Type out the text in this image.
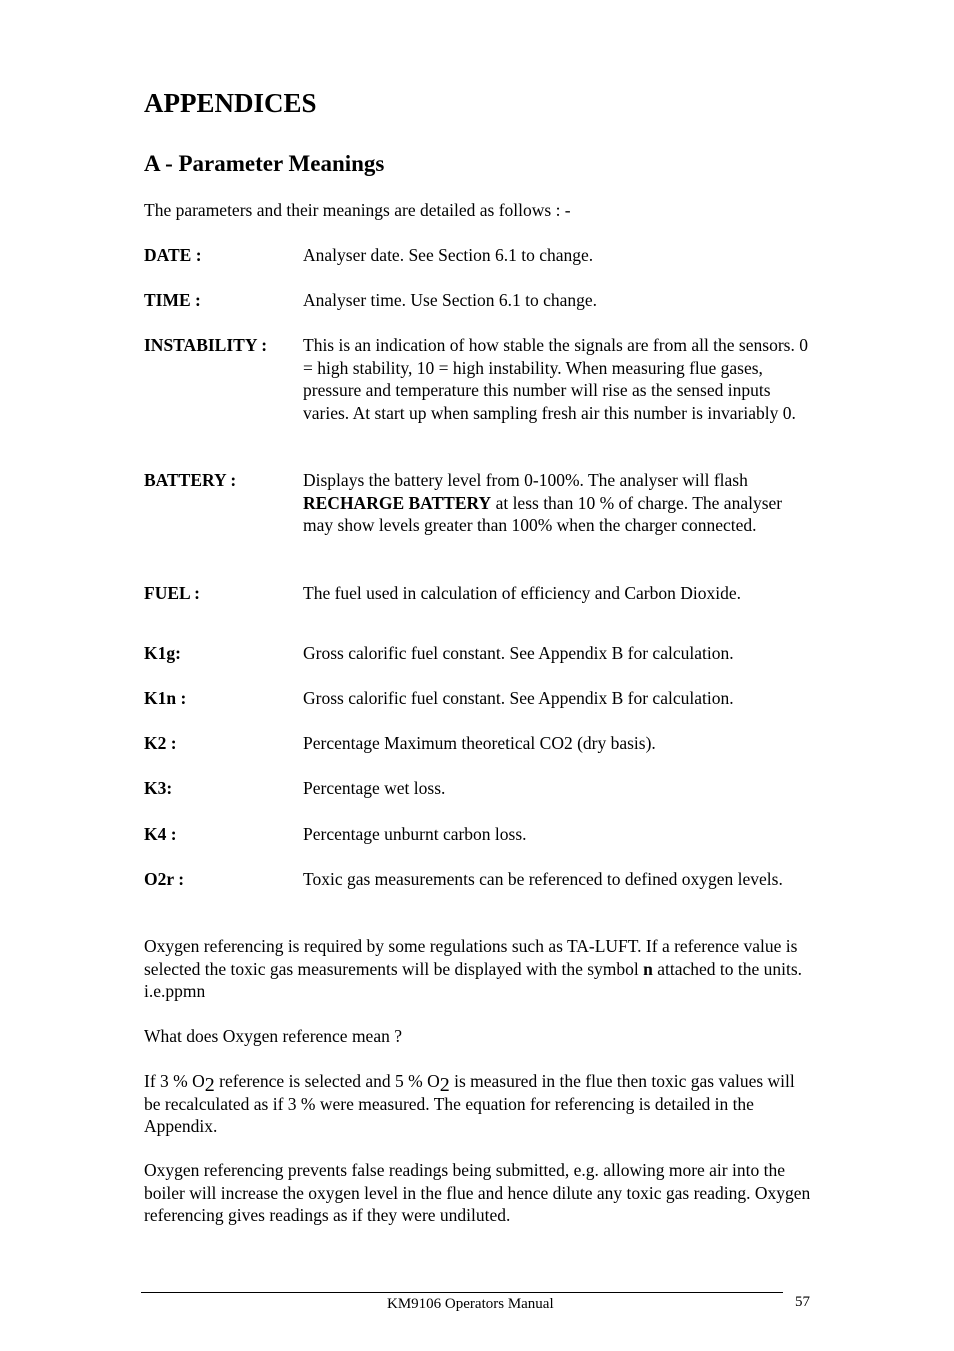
APPENDICES
A - Parameter Meanings

The parameters and their meanings are detailed as follows : -

DATE :	Analyser date. See Section 6.1 to change.
TIME :	Analyser time. Use Section 6.1 to change.
INSTABILITY : This is an indication of how stable the signals are from all the sensors. 0 = high stability, 10 = high instability. When measuring flue gases, pressure and temperature this number will rise as the sensed inputs varies. At start up when sampling fresh air this number is invariably 0.
BATTERY :	Displays the battery level from 0-100%. The analyser will flash RECHARGE BATTERY at less than 10 % of charge. The analyser may show levels greater than 100% when the charger connected.
FUEL :	The fuel used in calculation of efficiency and Carbon Dioxide.
K1g:	Gross calorific fuel constant. See Appendix B for calculation.
K1n :	Gross calorific fuel constant. See Appendix B for calculation.
K2 :	Percentage Maximum theoretical CO2 (dry basis).
K3:	Percentage wet loss.
K4 :	Percentage unburnt carbon loss.
O2r :	Toxic gas measurements can be referenced to defined oxygen levels.

Oxygen referencing is required by some regulations such as TA-LUFT. If a reference value is selected the toxic gas measurements will be displayed with the symbol n attached to the units. i.e.ppmn

What does Oxygen reference mean ?

If 3 % O2 reference is selected and 5 % O2 is measured in the flue then toxic gas values will be recalculated as if 3 % were measured. The equation for referencing is detailed in the Appendix.

Oxygen referencing prevents false readings being submitted, e.g. allowing more air into the boiler will increase the oxygen level in the flue and hence dilute any toxic gas reading. Oxygen referencing gives readings as if they were undiluted.

KM9106 Operators Manual	57
